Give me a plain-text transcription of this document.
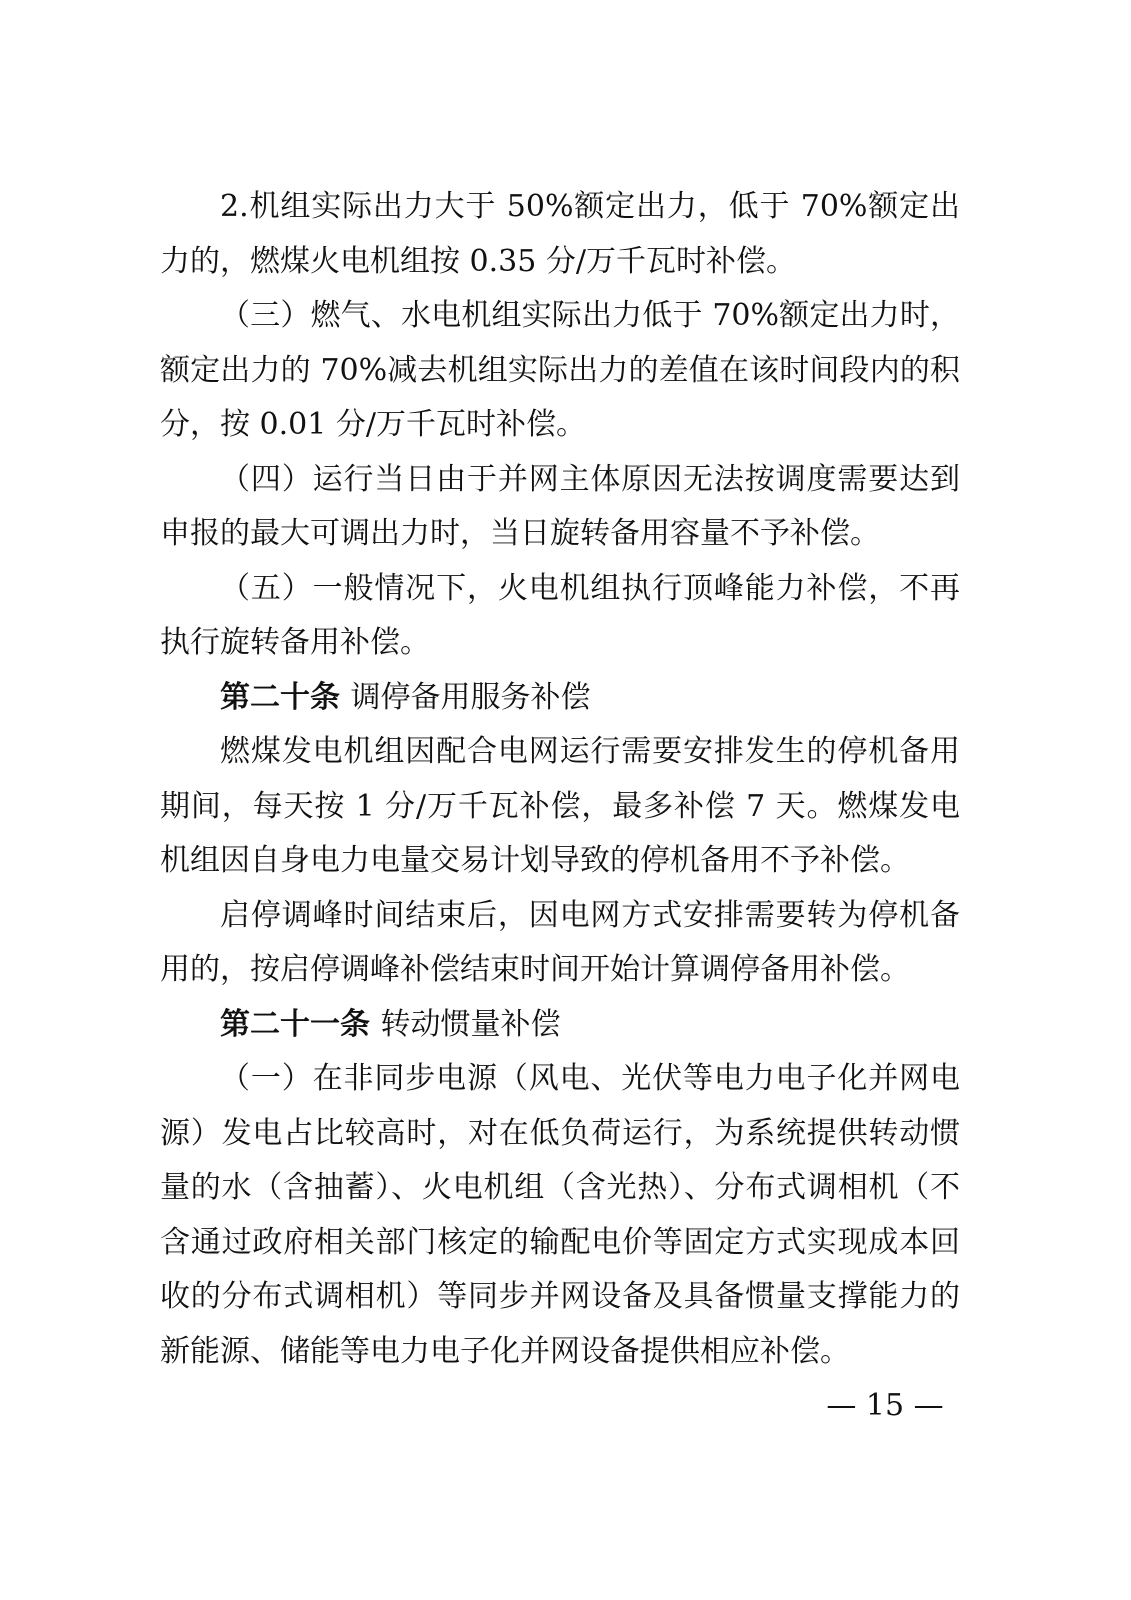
2.机组实际出力大于 50%额定出力，低于 70%额定出力的，燃煤火电机组按 0.35 分/万千瓦时补偿。

（三）燃气、水电机组实际出力低于 70%额定出力时，额定出力的 70%减去机组实际出力的差值在该时间段内的积分，按 0.01 分/万千瓦时补偿。

（四）运行当日由于并网主体原因无法按调度需要达到申报的最大可调出力时，当日旋转备用容量不予补偿。

（五）一般情况下，火电机组执行顶峰能力补偿，不再执行旋转备用补偿。

第二十条 调停备用服务补偿

燃煤发电机组因配合电网运行需要安排发生的停机备用期间，每天按 1 分/万千瓦补偿，最多补偿 7 天。燃煤发电机组因自身电力电量交易计划导致的停机备用不予补偿。

启停调峰时间结束后，因电网方式安排需要转为停机备用的，按启停调峰补偿结束时间开始计算调停备用补偿。

第二十一条 转动惯量补偿

（一）在非同步电源（风电、光伏等电力电子化并网电源）发电占比较高时，对在低负荷运行，为系统提供转动惯量的水（含抽蓄）、火电机组（含光热）、分布式调相机（不含通过政府相关部门核定的输配电价等固定方式实现成本回收的分布式调相机）等同步并网设备及具备惯量支撑能力的新能源、储能等电力电子化并网设备提供相应补偿。

— 15 —
